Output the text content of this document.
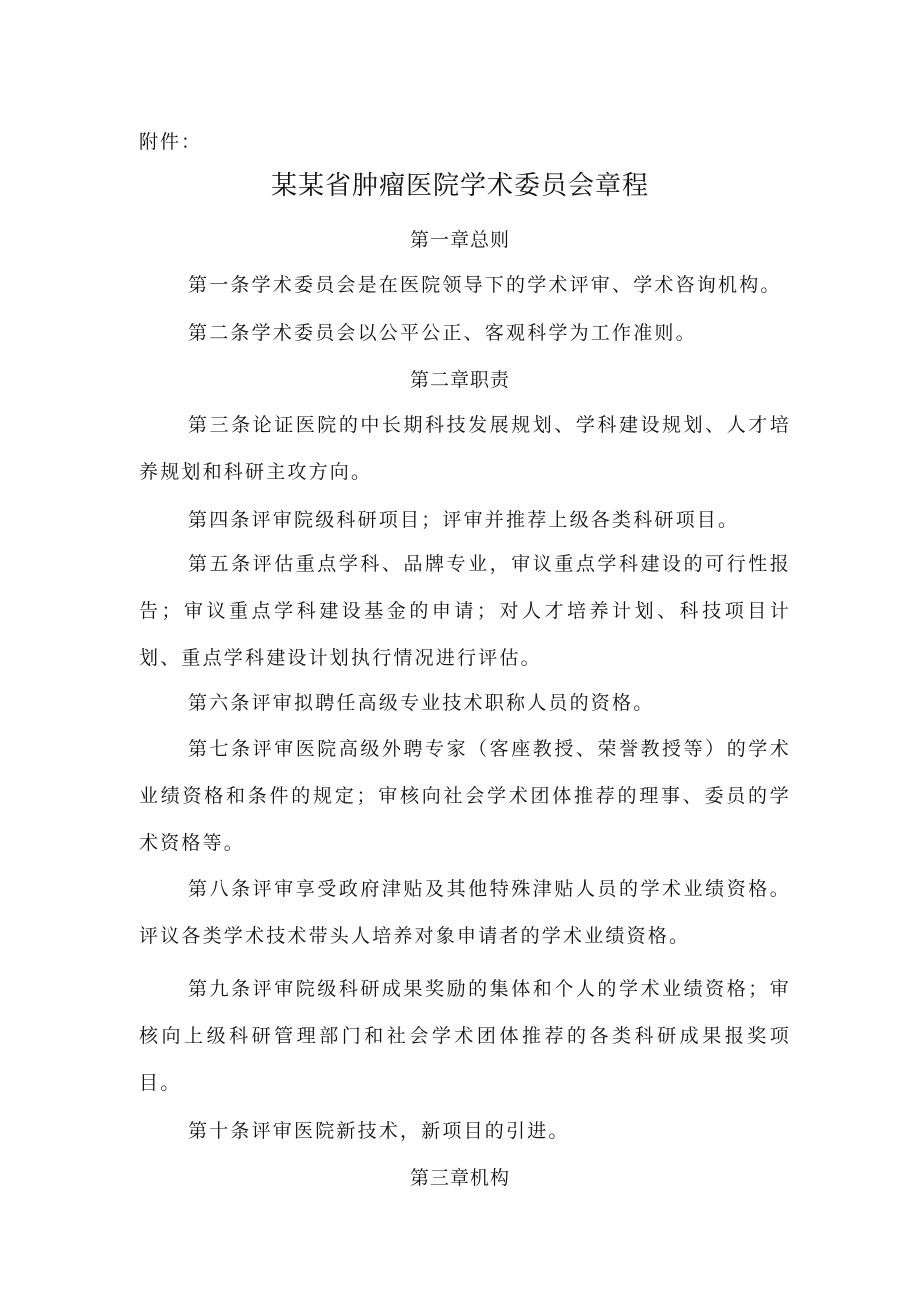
附件：
某某省肿瘤医院学术委员会章程
第一章总则

第一条学术委员会是在医院领导下的学术评审、学术咨询机构。

第二条学术委员会以公平公正、客观科学为工作准则。

第二章职责

第三条论证医院的中长期科技发展规划、学科建设规划、人才培养规划和科研主攻方向。

第四条评审院级科研项目；评审并推荐上级各类科研项目。

第五条评估重点学科、品牌专业，审议重点学科建设的可行性报告；审议重点学科建设基金的申请；对人才培养计划、科技项目计划、重点学科建设计划执行情况进行评估。

第六条评审拟聘任高级专业技术职称人员的资格。

第七条评审医院高级外聘专家（客座教授、荣誉教授等）的学术业绩资格和条件的规定；审核向社会学术团体推荐的理事、委员的学术资格等。

第八条评审享受政府津贴及其他特殊津贴人员的学术业绩资格。评议各类学术技术带头人培养对象申请者的学术业绩资格。

第九条评审院级科研成果奖励的集体和个人的学术业绩资格；审核向上级科研管理部门和社会学术团体推荐的各类科研成果报奖项目。

第十条评审医院新技术，新项目的引进。

第三章机构
